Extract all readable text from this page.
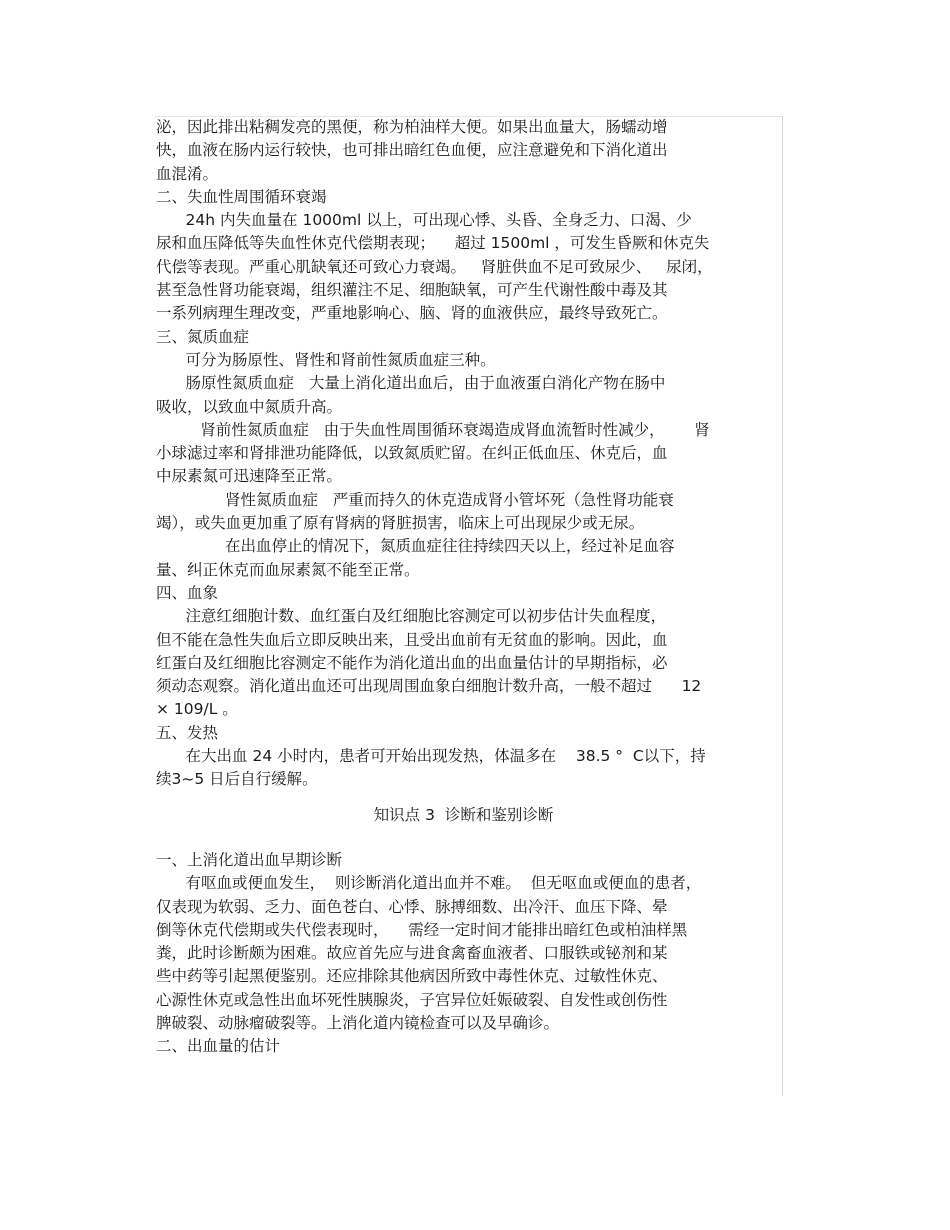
泌，因此排出粘稠发亮的黑便，称为柏油样大便。如果出血量大，肠蠕动增
快，血液在肠内运行较快，也可排出暗红色血便，应注意避免和下消化道出
血混淆。
二、失血性周围循环衰竭
24h 内失血量在 1000ml 以上，可出现心悸、头昏、全身乏力、口渴、少
尿和血压降低等失血性休克代偿期表现；    超过 1500ml ，可发生昏厥和休克失
代偿等表现。严重心肌缺氧还可致心力衰竭。   肾脏供血不足可致尿少、   尿闭，
甚至急性肾功能衰竭，组织灌注不足、细胞缺氧，可产生代谢性酸中毒及其
一系列病理生理改变，严重地影响心、脑、肾的血液供应，最终导致死亡。
三、氮质血症
可分为肠原性、肾性和肾前性氮质血症三种。
肠原性氮质血症   大量上消化道出血后，由于血液蛋白消化产物在肠中
吸收，以致血中氮质升高。
肾前性氮质血症   由于失血性周围循环衰竭造成肾血流暂时性减少，      肾
小球滤过率和肾排泄功能降低，以致氮质贮留。在纠正低血压、休克后，血
中尿素氮可迅速降至正常。
肾性氮质血症   严重而持久的休克造成肾小管坏死（急性肾功能衰
竭），或失血更加重了原有肾病的肾脏损害，临床上可出现尿少或无尿。
在出血停止的情况下，氮质血症往往持续四天以上，经过补足血容
量、纠正休克而血尿素氮不能至正常。
四、血象
注意红细胞计数、血红蛋白及红细胞比容测定可以初步估计失血程度，
但不能在急性失血后立即反映出来，且受出血前有无贫血的影响。因此，血
红蛋白及红细胞比容测定不能作为消化道出血的出血量估计的早期指标，必
须动态观察。消化道出血还可出现周围血象白细胞计数升高，一般不超过      12
× 109/L 。
五、发热
在大出血 24 小时内，患者可开始出现发热，体温多在    38.5 °  C以下，持
续3~5 日后自行缓解。
知识点 3  诊断和鉴别诊断
一、上消化道出血早期诊断
有呕血或便血发生，  则诊断消化道出血并不难。  但无呕血或便血的患者，
仅表现为软弱、乏力、面色苍白、心悸、脉搏细数、出冷汗、血压下降、晕
倒等休克代偿期或失代偿表现时，    需经一定时间才能排出暗红色或柏油样黑
粪，此时诊断颇为困难。故应首先应与进食禽畜血液者、口服铁或铋剂和某
些中药等引起黑便鉴别。还应排除其他病因所致中毒性休克、过敏性休克、
心源性休克或急性出血坏死性胰腺炎，子宫异位妊娠破裂、自发性或创伤性
脾破裂、动脉瘤破裂等。上消化道内镜检查可以及早确诊。
二、出血量的估计
